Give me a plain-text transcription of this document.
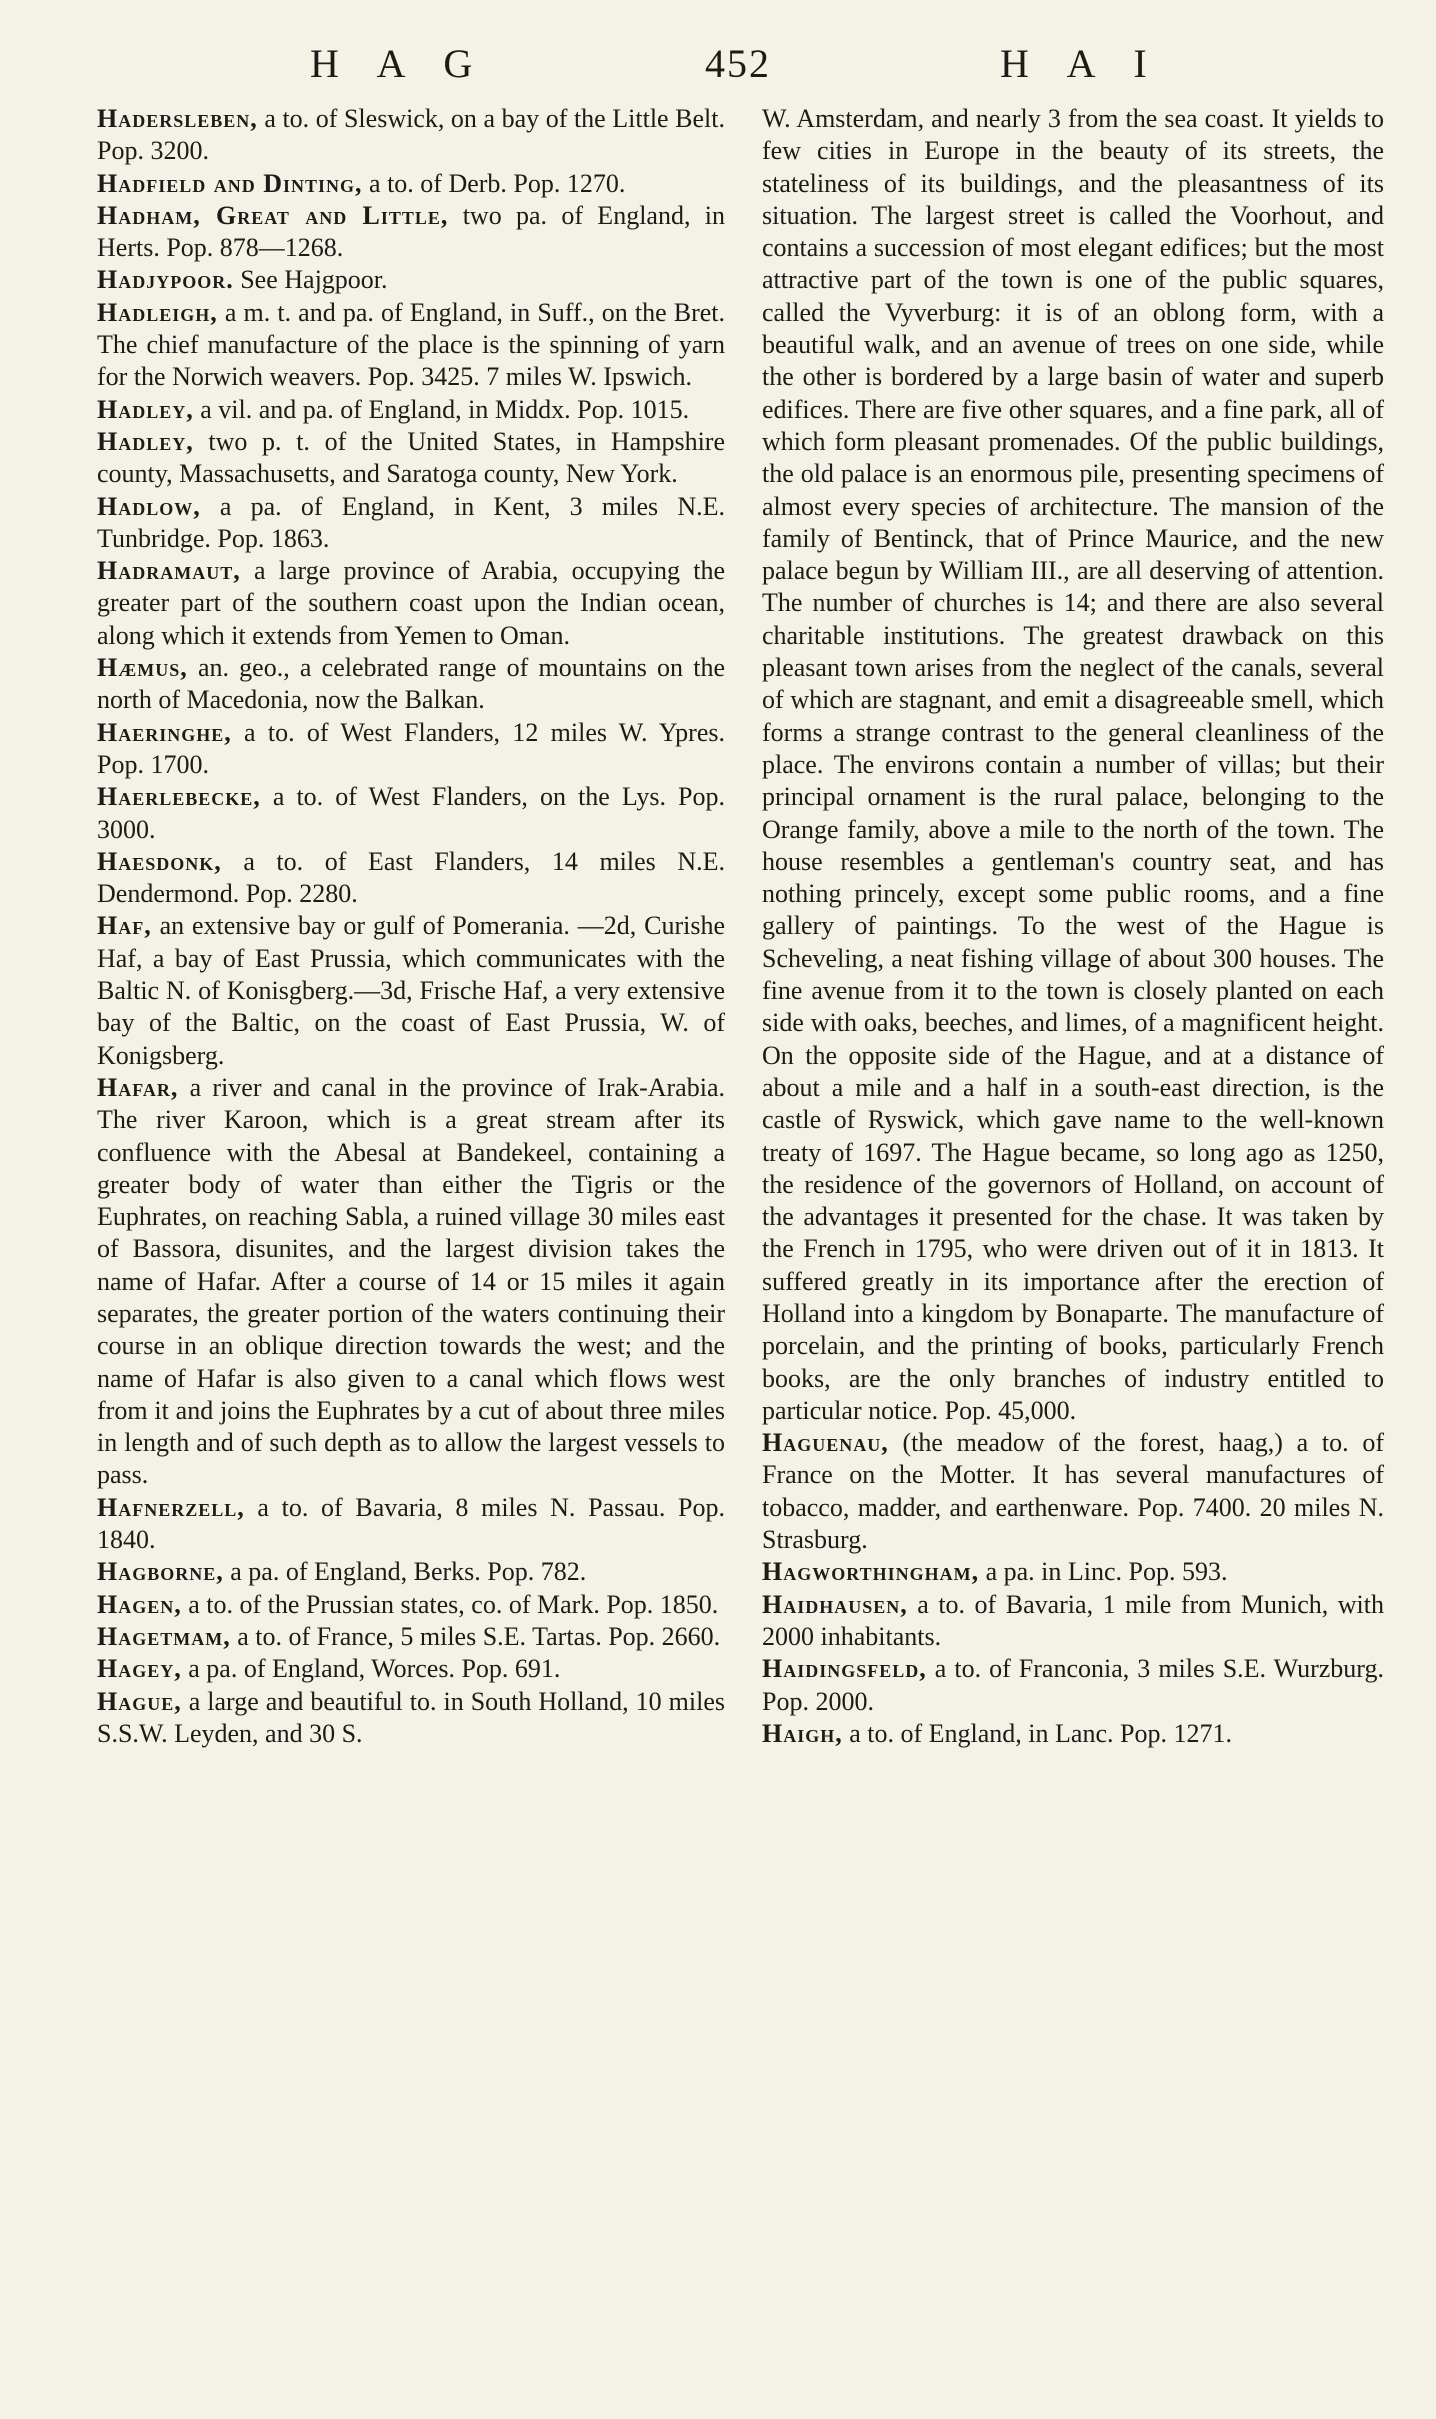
H A G	452	H A I

Hadersleben, a to. of Sleswick, on a bay of the Little Belt. Pop. 3200.

Hadfield and Dinting, a to. of Derb. Pop. 1270.

Hadham, Great and Little, two pa. of England, in Herts. Pop. 878—1268.

Hadjypoor. See Hajgpoor.

Hadleigh, a m. t. and pa. of England, in Suff., on the Bret. The chief manufacture of the place is the spinning of yarn for the Norwich weavers. Pop. 3425. 7 miles W. Ipswich.

Hadley, a vil. and pa. of England, in Middx. Pop. 1015.

Hadley, two p. t. of the United States, in Hampshire county, Massachusetts, and Saratoga county, New York.

Hadlow, a pa. of England, in Kent, 3 miles N.E. Tunbridge. Pop. 1863.

Hadramaut, a large province of Arabia, occupying the greater part of the southern coast upon the Indian ocean, along which it extends from Yemen to Oman.

Hæmus, an. geo., a celebrated range of mountains on the north of Macedonia, now the Balkan.

Haeringhe, a to. of West Flanders, 12 miles W. Ypres. Pop. 1700.

Haerlebecke, a to. of West Flanders, on the Lys. Pop. 3000.

Haesdonk, a to. of East Flanders, 14 miles N.E. Dendermond. Pop. 2280.

Haf, an extensive bay or gulf of Pomerania. —2d, Curishe Haf, a bay of East Prussia, which communicates with the Baltic N. of Konisgberg.—3d, Frische Haf, a very extensive bay of the Baltic, on the coast of East Prussia, W. of Konigsberg.

Hafar, a river and canal in the province of Irak-Arabia. The river Karoon, which is a great stream after its confluence with the Abesal at Bandekeel, containing a greater body of water than either the Tigris or the Euphrates, on reaching Sabla, a ruined village 30 miles east of Bassora, disunites, and the largest division takes the name of Hafar. After a course of 14 or 15 miles it again separates, the greater portion of the waters continuing their course in an oblique direction towards the west; and the name of Hafar is also given to a canal which flows west from it and joins the Euphrates by a cut of about three miles in length and of such depth as to allow the largest vessels to pass.

Hafnerzell, a to. of Bavaria, 8 miles N. Passau. Pop. 1840.

Hagborne, a pa. of England, Berks. Pop. 782.

Hagen, a to. of the Prussian states, co. of Mark. Pop. 1850.

Hagetmam, a to. of France, 5 miles S.E. Tartas. Pop. 2660.

Hagey, a pa. of England, Worces. Pop. 691.

Hague, a large and beautiful to. in South Holland, 10 miles S.S.W. Leyden, and 30 S.

W. Amsterdam, and nearly 3 from the sea coast. It yields to few cities in Europe in the beauty of its streets, the stateliness of its buildings, and the pleasantness of its situation. The largest street is called the Voorhout, and contains a succession of most elegant edifices; but the most attractive part of the town is one of the public squares, called the Vyverburg: it is of an oblong form, with a beautiful walk, and an avenue of trees on one side, while the other is bordered by a large basin of water and superb edifices. There are five other squares, and a fine park, all of which form pleasant promenades. Of the public buildings, the old palace is an enormous pile, presenting specimens of almost every species of architecture. The mansion of the family of Bentinck, that of Prince Maurice, and the new palace begun by William III., are all deserving of attention. The number of churches is 14; and there are also several charitable institutions. The greatest drawback on this pleasant town arises from the neglect of the canals, several of which are stagnant, and emit a disagreeable smell, which forms a strange contrast to the general cleanliness of the place. The environs contain a number of villas; but their principal ornament is the rural palace, belonging to the Orange family, above a mile to the north of the town. The house resembles a gentleman's country seat, and has nothing princely, except some public rooms, and a fine gallery of paintings. To the west of the Hague is Scheveling, a neat fishing village of about 300 houses. The fine avenue from it to the town is closely planted on each side with oaks, beeches, and limes, of a magnificent height. On the opposite side of the Hague, and at a distance of about a mile and a half in a south-east direction, is the castle of Ryswick, which gave name to the well-known treaty of 1697. The Hague became, so long ago as 1250, the residence of the governors of Holland, on account of the advantages it presented for the chase. It was taken by the French in 1795, who were driven out of it in 1813. It suffered greatly in its importance after the erection of Holland into a kingdom by Bonaparte. The manufacture of porcelain, and the printing of books, particularly French books, are the only branches of industry entitled to particular notice. Pop. 45,000.

Haguenau, (the meadow of the forest, haag,) a to. of France on the Motter. It has several manufactures of tobacco, madder, and earthenware. Pop. 7400. 20 miles N. Strasburg.

Hagworthingham, a pa. in Linc. Pop. 593.

Haidhausen, a to. of Bavaria, 1 mile from Munich, with 2000 inhabitants.

Haidingsfeld, a to. of Franconia, 3 miles S.E. Wurzburg. Pop. 2000.

Haigh, a to. of England, in Lanc. Pop. 1271.
